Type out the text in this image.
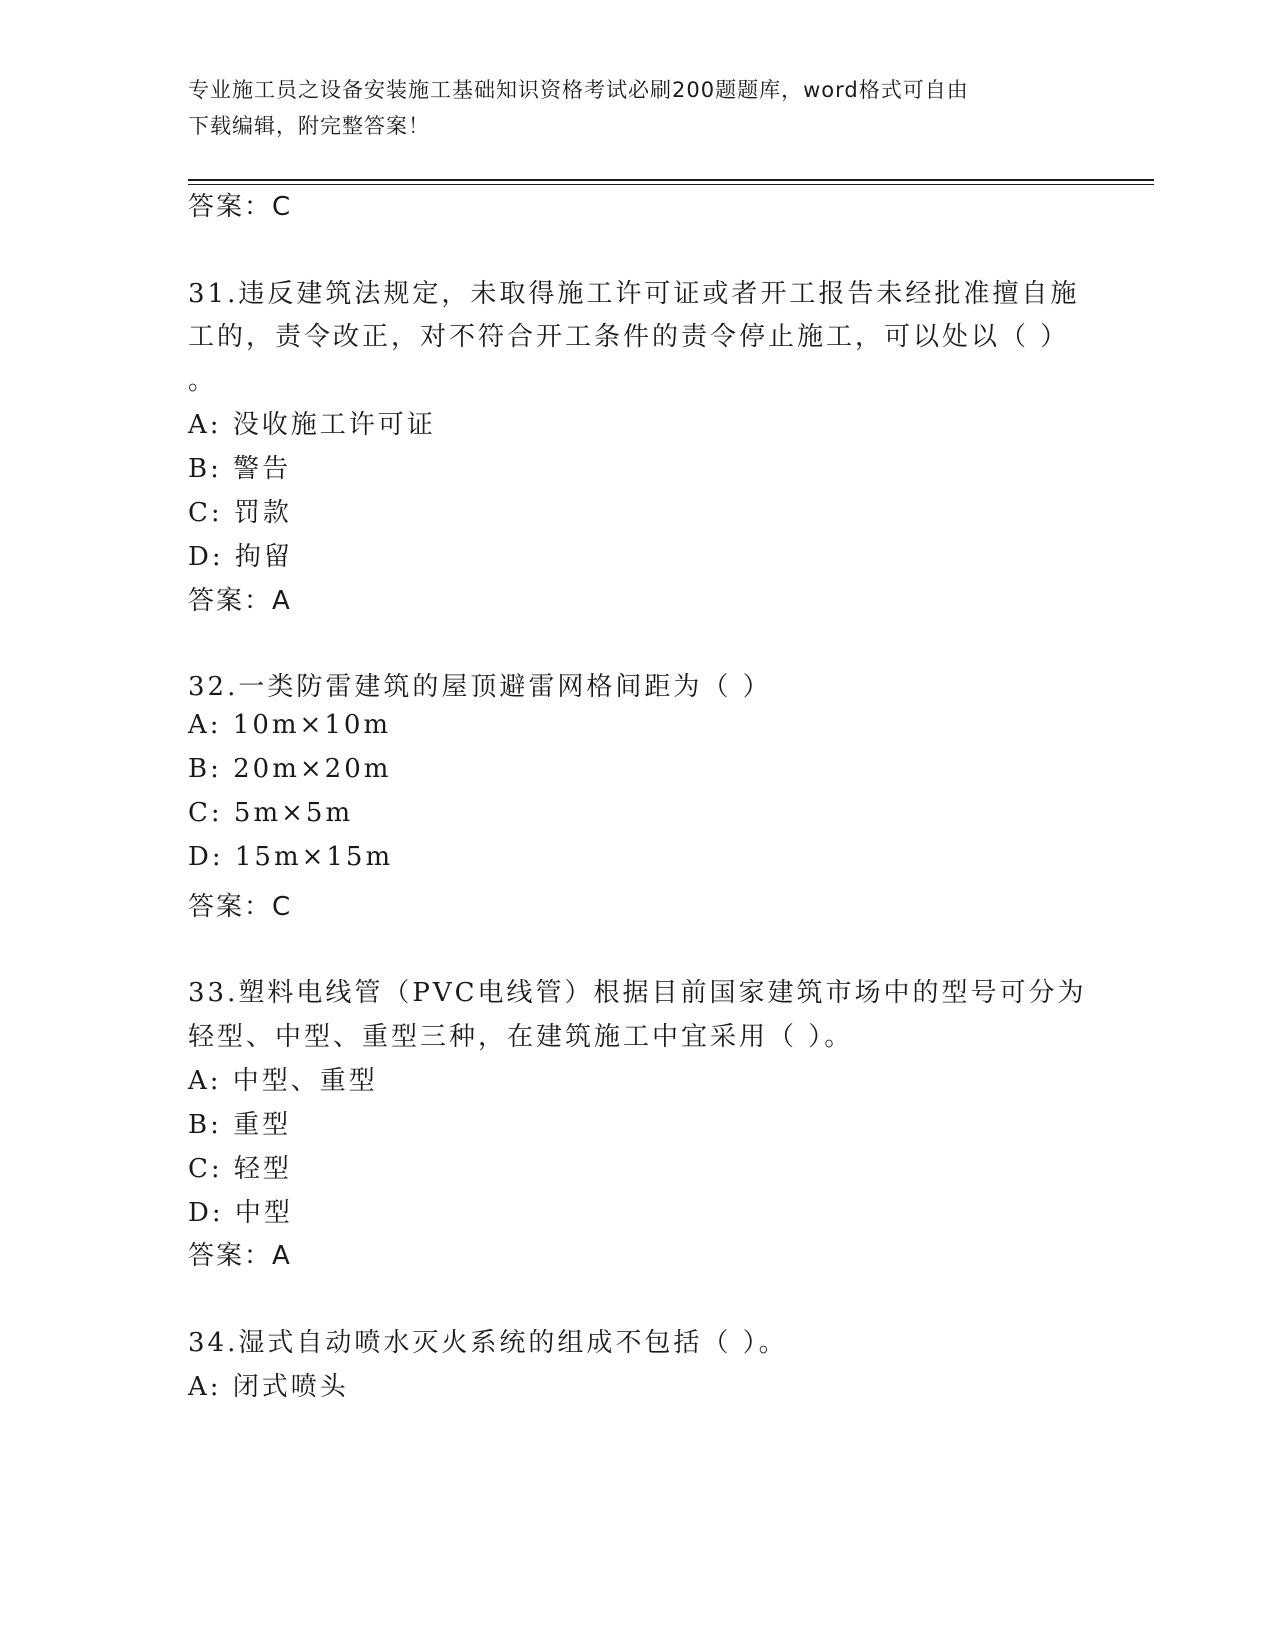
专业施工员之设备安装施工基础知识资格考试必刷200题题库，word格式可自由
下载编辑，附完整答案！
答案：C
31.违反建筑法规定，未取得施工许可证或者开工报告未经批准擅自施
工的，责令改正，对不符合开工条件的责令停止施工，可以处以（ ）
。
A: 没收施工许可证
B: 警告
C: 罚款
D: 拘留
答案：A
32.一类防雷建筑的屋顶避雷网格间距为（ ）
A: 10m×10m
B: 20m×20m
C: 5m×5m
D: 15m×15m
答案：C
33.塑料电线管（PVC电线管）根据目前国家建筑市场中的型号可分为
轻型、中型、重型三种，在建筑施工中宜采用（ ）。
A: 中型、重型
B: 重型
C: 轻型
D: 中型
答案：A
34.湿式自动喷水灭火系统的组成不包括（ ）。
A: 闭式喷头
